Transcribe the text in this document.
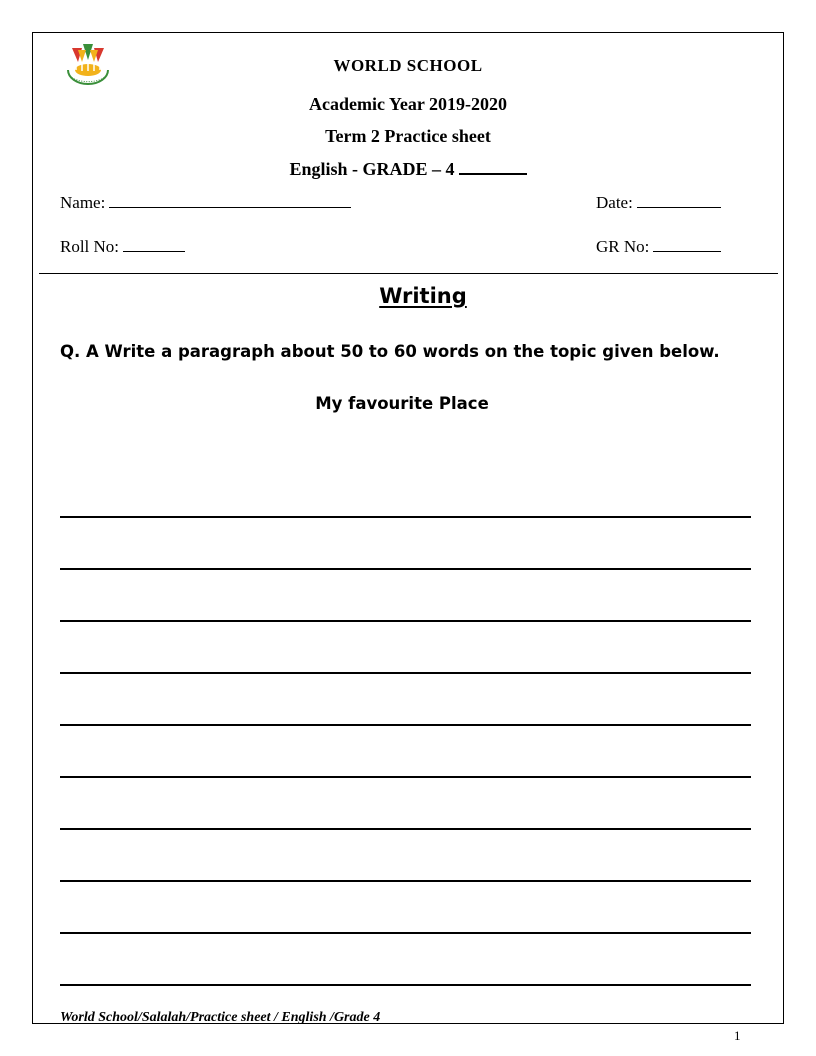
WORLD SCHOOL
Academic Year 2019-2020
Term 2 Practice sheet
English - GRADE – 4
Name:	Date:
Roll No:	GR No:
Writing
Q. A Write a paragraph about 50 to 60 words on the topic given below.
My favourite Place
World School/Salalah/Practice sheet / English /Grade 4
1
